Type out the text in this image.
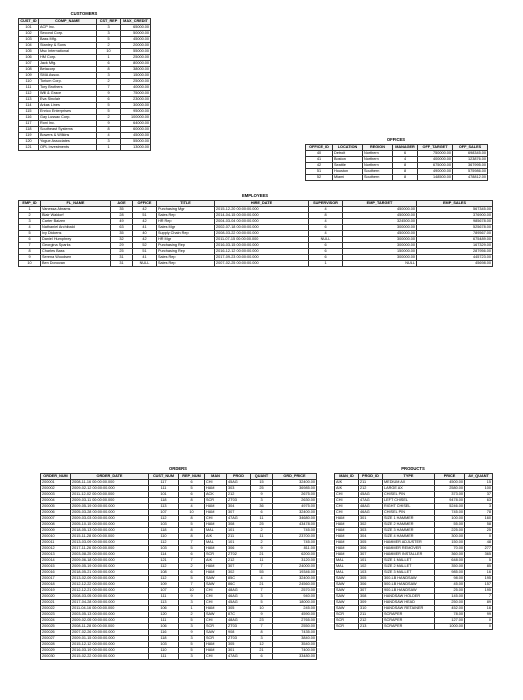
CUSTOMERS
CUST_ID	COMP_NAME	CST_REP	MAX_CREDIT
101	ACP Inc.	3	65000.00
102	Second Corp.	3	50000.00
103	Bass Mfg.	5	45000.00
104	Stanley & Sons	2	20000.00
105	Msc International	10	55000.00
106	HM Corp.	1	25000.00
107	Jack Mfg.	6	80000.00
108	Betacorp	8	38000.00
109	SMA Assoc.	3	15000.00
110	Torium Corp.	2	25000.00
111	Tory Brothers	7	40000.00
112	Will & Grace	9	75000.00
113	Eva Sinclair	6	23000.00
114	Arkas Lines	5	30000.00
115	Enrico Enterprises	5	95000.00
116	Gay Lussac Corp.	2	100000.00
117	Roni Inc.	9	64000.00
118	Southeast Systems	8	60000.00
119	Bowers & Wilkins	4	45000.00
120	Yogue Associates	3	55000.00
121	OPL Investments	1	13000.00
OFFICES
OFFICE_ID	LOCATION	REGION	MANAGER	OFF_TARGET	OFF_SALES
40	Detroit	Northern	6	750000.00	698345.00
41	Boston	Northern	4	400000.00	123876.00
42	Seattle	Northern	8	675000.00	367995.00
51	Houston	Southern	8	490000.00	575986.00
52	Miami	Southern	8	148500.00	478812.00
EMPLOYEES
EMP_ID	FL_NAME	AGE	OFFICE	TITLE	HIRE_DATE	SUPERVISOR	EMP_TARGET	EMP_SALES
1	Vanessa Abrams	35	42	Purchasing Mgr	2015-12-20 00:00:00.000	4	450000.00	567345.00
2	Blair Waldorf	28	51	Sales Rep	2014-04-15 00:00:00.000	8	450000.00	376900.00
3	Carter Baizen	49	42	HR Rep	2004-03-04 00:00:00.000	4	324500.00	985678.00
4	Nathaniel Archibald	63	41	Sales Mgr	2002-07-18 00:00:00.000	6	300000.00	525678.00
5	Ivy Dickens	35	40	Supply Chain Rep	2008-03-22 00:00:00.000	4	450000.00	789567.00
6	Daniel Humphrey	32	42	HR Mgr	2011-07-15 00:00:00.000	NULL	300000.00	675489.00
7	Georgina Sparks	29	52	Purchasing Rep	2016-03-15 00:00:00.000	6	300000.00	167329.00
8	Charles Bass	25	51	Purchasing Rep	2016-12-12 00:00:00.000	6	150000.00	287956.00
9	Serena Woodsen	31	41	Sales Rep	2017-09-23 00:00:00.000	6	300000.00	445723.00
10	Ben Donovan	31	NULL	Sales Rep	2007-02-25 00:00:00.000	1	NULL	45698.00
ORDERS
ORDER_NUM	ORDER_DATE	CUST_NUM	REP_NUM	MAN	PROD	QUANT	ORD_PRICE
200001	2008-11-16 00:00:00.000	117	6	CHI	45AG	15	32400.00
200002	2009-02-12 00:00:00.000	111	5	HAM	303	25	36985.00
200003	2011-12-02 00:00:00.000	101	6	ACK	212	9	2675.00
200004	2009-03-11 00:00:00.000	118	8	SCR	ZT03	3	2630.00
200005	2009-05-19 00:00:00.000	113	4	HAM	304	36	4975.00
200006	2005-03-28 00:00:00.000	107	10	HAM	307	6	32400.00
200007	2009-03-03 00:00:00.000	112	8	CHI	47AG	11	34680.00
200008	2005-10-15 00:00:00.000	103	5	HAM	308	25	43478.00
200009	2018-05-13 00:00:00.000	118	8	MAL	101	2	745.00
200010	2015-11-28 00:00:00.000	110	8	AIK	211	11	23700.00
200011	2013-03-09 00:00:00.000	112	7	MAL	101	2	745.00
200012	2017-11-26 00:00:00.000	103	5	HAM	306	9	811.00
200013	2003-08-25 00:00:00.000	114	6	SCR	ZT02	21	6200.00
200014	2009-06-18 00:00:00.000	121	7	AIK	212	11	3120.00
200015	2009-05-19 00:00:00.000	112	2	HAM	307	7	24000.00
200016	2018-05-21 00:00:00.000	108	6	HAM	302	55	19346.00
200017	2013-02-09 00:00:00.000	112	5	SAW	85C	4	32400.00
200018	2012-12-22 00:00:00.000	109	7	SAW	86C	21	24560.00
200019	2012-12-21 00:00:00.000	107	10	CHI	48AG	7	2570.00
200020	2008-03-05 00:00:00.000	111	9	CHI	46AG	3	940.00
200021	2017-04-28 00:00:00.000	113	3	CHI	45AG	5	18000.00
200022	2011-04-16 00:00:00.000	106	1	HAM	305	10	245.00
200023	2003-05-13 00:00:00.000	120	2	SAW	87C	9	4590.00
200024	2009-02-05 00:00:00.000	111	5	CHI	48AG	23	2765.00
200025	2008-11-28 00:00:00.000	106	3	SCR	ZT03	7	2550.00
200026	2007-02-26 00:00:00.000	116	9	SAW	908	8	7435.00
200027	2009-01-15 00:00:00.000	118	3	SCR	ZT03	3	3840.00
200028	2015-12-12 00:00:00.000	103	5	HAM	305	12	3540.00
200029	2016-03-19 00:00:00.000	110	5	HAM	301	21	7400.00
200030	2015-02-22 00:00:00.000	111	3	CHI	47AG	6	33480.00
PRODUCTS
MAN_ID	PROD_ID	TYPE	PRICE	AV_QUANT
AIK	211	MEDIUM AX	4500.00	15
AIK	212	LARGE AX	2580.00	100
CHI	45AG	CHISEL PIN	373.00	37
CHI	47AG	LEFT CHISEL	9478.00	63
CHI	48AG	RIGHT CHISEL	5246.00	3
CHI	46AG	CHISEL PIN	745.00	78
HAM	301	SIZE 1 HAMMER	100.00	160
HAM	302	SIZE 2 HAMMER	55.00	58
HAM	303	SIZE 3 HAMMER	225.00	25
HAM	304	SIZE 4 HAMMER	300.00	0
HAM	305	HAMMER ADJUSTER	150.00	48
HAM	306	HAMMER REMOVER	70.00	277
HAM	307	HAMMER INSTALLER	360.00	365
MAL	101	SIZE 1 MALLET	648.00	5
MAL	102	SIZE 2 MALLET	350.00	85
MAL	103	SIZE 3 MALLET	985.00	16
SAW	305	300-LB HANDSAW	98.00	195
SAW	306	500-LB HANDSAW	45.00	157
SAW	307	900-LB HANDSAW	25.00	195
SAW	308	HANDSAW HOLDER	145.00	7
SAW	309	HANDSAW HEAD	250.00	89
SAW	310	HANDSAW RETAINER	452.00	16
SCR	211	SCRAPER	78.00	99
SCR	212	SCRAPER	127.00	0
SCR	213	SCRAPER	1000.00	0
